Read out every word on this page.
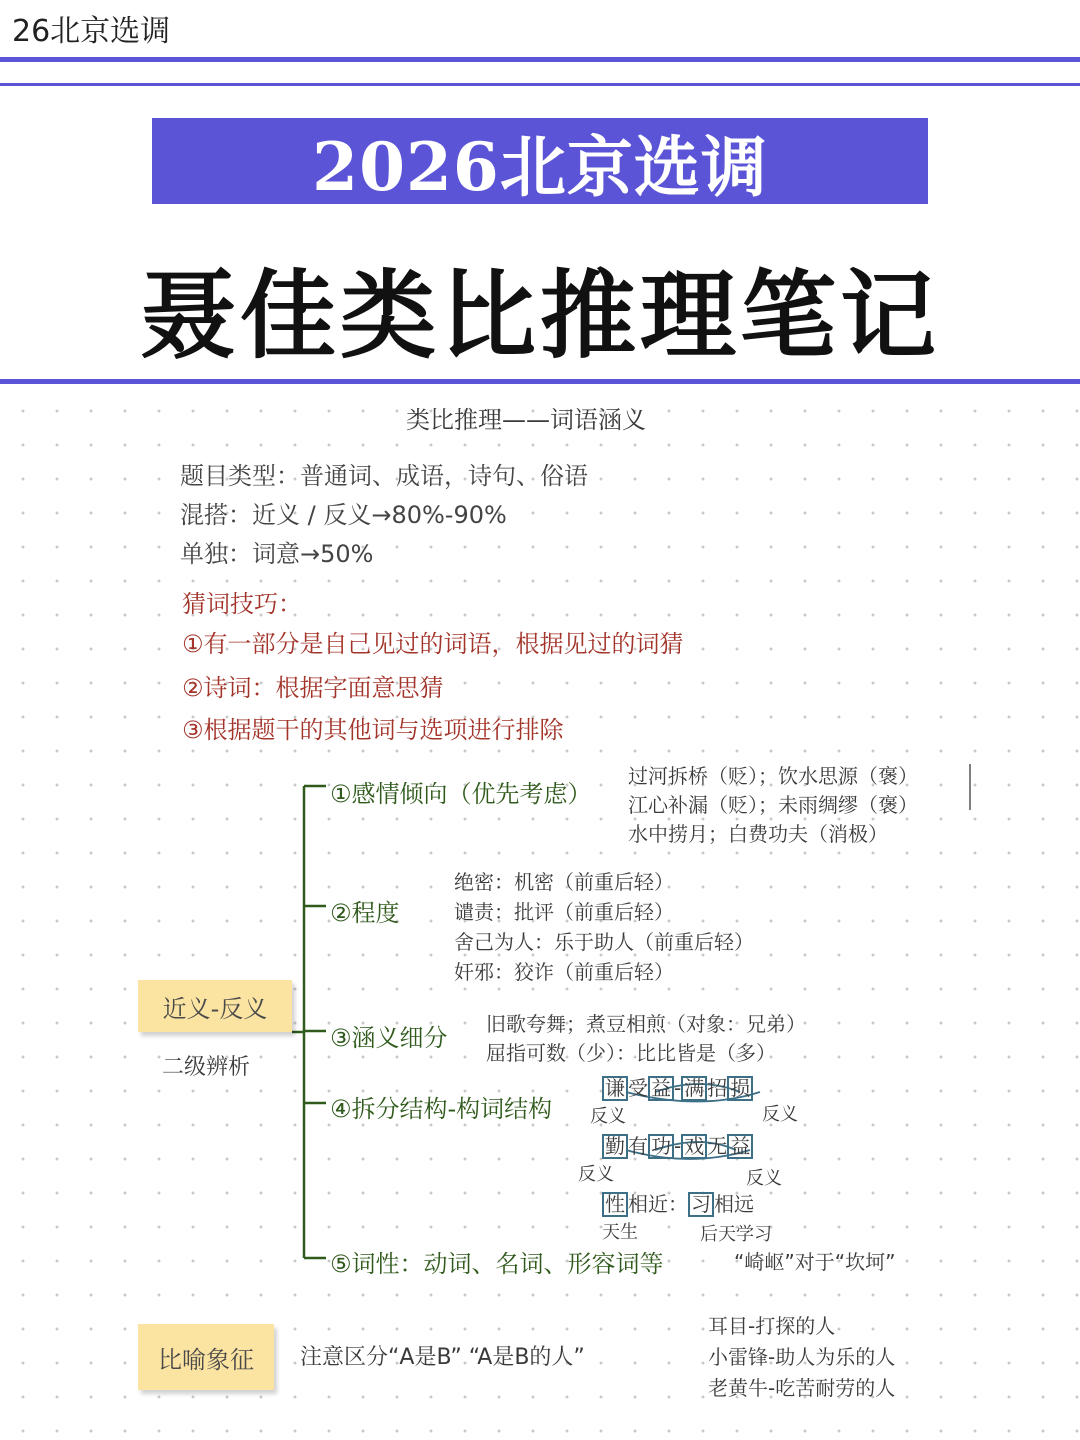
26北京选调
2026北京选调
聂佳类比推理笔记
类比推理——词语涵义
题目类型：普通词、成语，诗句、俗语
混搭：近义 / 反义→80%-90%
单独：词意→50%
猜词技巧：
①有一部分是自己见过的词语，根据见过的词猜
②诗词：根据字面意思猜
③根据题干的其他词与选项进行排除
①感情倾向（优先考虑）
过河拆桥（贬）；饮水思源（褒）
江心补漏（贬）；未雨绸缪（褒）
水中捞月；白费功夫（消极）
②程度
绝密：机密（前重后轻）
谴责：批评（前重后轻）
舍己为人：乐于助人（前重后轻）
奸邪：狡诈（前重后轻）
近义-反义
二级辨析
③涵义细分 旧歌夸舞；煮豆相煎（对象：兄弟）
屈指可数（少）：比比皆是（多）
④拆分结构-构词结构
谦 受 益 - 满 招 损
反义	反义
勤 有 功 - 戏 无 益
反义	反义
性 相近： 习 相远
天生	后天学习
⑤词性：动词、名词、形容词等	“崎岖”对于“坎坷”
比喻象征	注意区分“A是B” “A是B的人”
耳目-打探的人
小雷锋-助人为乐的人
老黄牛-吃苦耐劳的人
